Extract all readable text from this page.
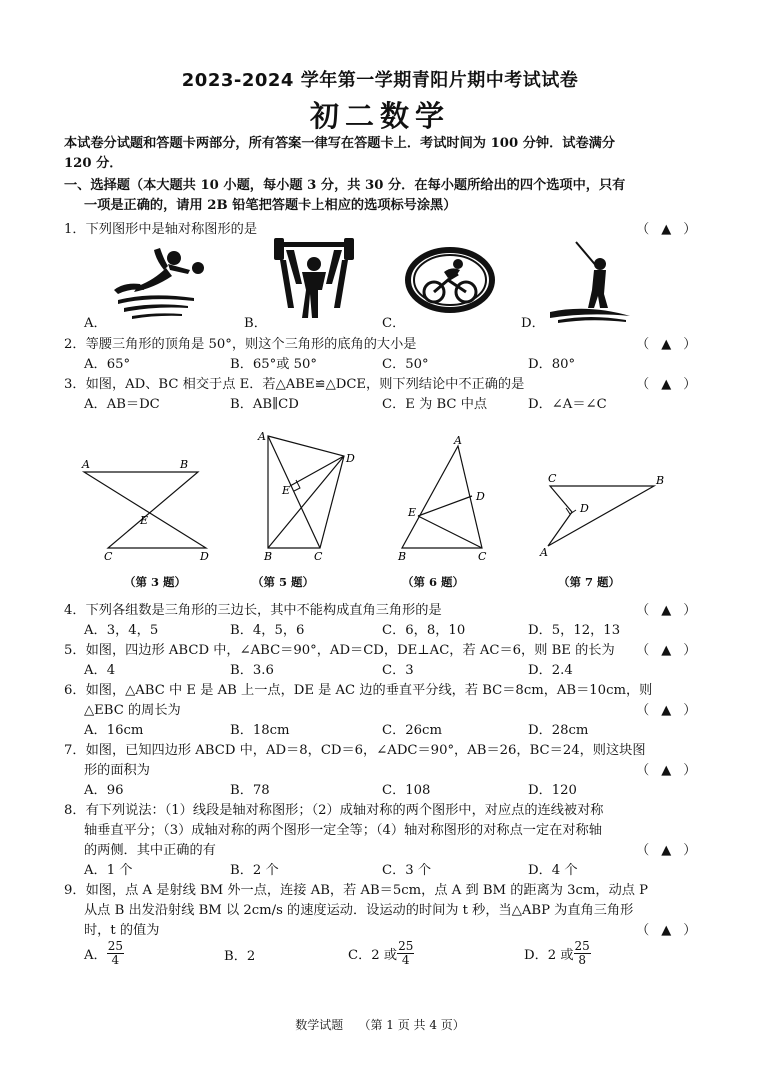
2023-2024 学年第一学期青阳片期中考试试卷
初二数学
本试卷分试题和答题卡两部分，所有答案一律写在答题卡上．考试时间为 100 分钟．试卷满分
120 分．
一、选择题（本大题共 10 小题，每小题 3 分，共 30 分．在每小题所给出的四个选项中，只有
一项是正确的，请用 2B 铅笔把答题卡上相应的选项标号涂黑）
1．下列图形中是轴对称图形的是	（ ▲ ）
A．	B．	C．	D．
2．等腰三角形的顶角是 50°，则这个三角形的底角的大小是	（ ▲ ）
A．65°	B．65°或 50°	C．50°	D．80°
3．如图，AD、BC 相交于点 E．若△ABE≌△DCE，则下列结论中不正确的是	（ ▲ ）
A．AB＝DC	B．AB∥CD	C．E 为 BC 中点	D．∠A＝∠C
A	B
E
C	D
（第 3 题）
A
D
E
B	C
（第 5 题）
A
D
E
B	C
（第 6 题）
C	B
D
A
（第 7 题）
4．下列各组数是三角形的三边长，其中不能构成直角三角形的是	（ ▲ ）
A．3，4，5	B．4，5，6	C．6，8，10	D．5，12，13
5．如图，四边形 ABCD 中，∠ABC＝90°，AD＝CD，DE⊥AC，若 AC＝6，则 BE 的长为 （ ▲ ）
A．4	B．3.6	C．3	D．2.4
6．如图，△ABC 中 E 是 AB 上一点，DE 是 AC 边的垂直平分线，若 BC＝8cm，AB＝10cm，则
△EBC 的周长为	（ ▲ ）
A．16cm	B．18cm	C．26cm	D．28cm
7．如图，已知四边形 ABCD 中，AD＝8，CD＝6，∠ADC＝90°，AB＝26，BC＝24，则这块图
形的面积为	（ ▲ ）
A．96	B．78	C．108	D．120
8．有下列说法：（1）线段是轴对称图形；（2）成轴对称的两个图形中，对应点的连线被对称
轴垂直平分；（3）成轴对称的两个图形一定全等；（4）轴对称图形的对称点一定在对称轴
的两侧．其中正确的有	（ ▲ ）
A．1 个	B．2 个	C．3 个	D．4 个
9．如图，点 A 是射线 BM 外一点，连接 AB，若 AB＝5cm，点 A 到 BM 的距离为 3cm，动点 P
从点 B 出发沿射线 BM 以 2cm/s 的速度运动．设运动的时间为 t 秒，当△ABP 为直角三角形
时，t 的值为	（ ▲ ）
A． $\frac{25}{4}$	B．2	C．2 或 $\frac{25}{4}$	D．2 或 $\frac{25}{8}$
数学试题 （第 1 页 共 4 页）
